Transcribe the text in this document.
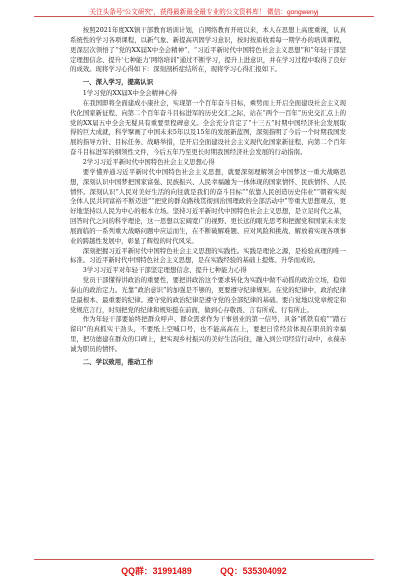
关注头条号“公文研究”，获得最新最全最专业的公文资料库！ 微信：gongwenyj

按照2021年度XX镇干部教育培训计划，自网络教育开班以来，本人在思想上高度重视，认真系统性的学习各项课程，以新气象、新提高巩固学习意识，按时按质收看每一期学办的培训课程，更深层次领悟了“党的XX届X中全会精神”、“习近平新时代中国特色社会主义思想”和“年轻干部坚定理想信念、提升‘七种能力’网络培训”通过不断学习，提升上进意识，并在学习过程中取得了良好的成效。现将学习心得如下：深刻剖析症结所在，现将学习心得汇报如下。

一、深入学习，提高认识

1学习党的XX届X中全会精神心得

在我国即将全面建成小康社会，实现第一个百年奋斗目标，乘势而上开启全面建设社会主义现代化国家新征程、向第二个百年奋斗目标进军的历史交汇之际，站在“两个一百年”历史交汇点上的党的XX届五中全会无疑具有重要里程碑意义。全会充分肯定了“十三五”时期中国经济社会发展取得的巨大成就，科学擘画了中国未来5年以及15年的发展新蓝图，深刻指明了今后一个时期我国发展的指导方针、目标任务、战略举措，是开启全面建设社会主义现代化国家新征程、向第二个百年奋斗目标进军的纲领性文件，今后五年乃至更长时期我国经济社会发展的行动指南。

2学习习近平新时代中国特色社会主义思想心得

要学懂弄通习近平新时代中国特色社会主义思想，就要深刻理解领会中国梦这一重大战略思想，深刻认识中国梦把国家富强、民族振兴、人民幸福融为一体体现的国家情怀、民族情怀、人民情怀。深刻认识“人民对美好生活的向往就是我们的奋斗目标”“依靠人民创造历史伟业”“朝着实现全体人民共同富裕不断迈进”“把党的群众路线贯彻到治国理政的全部活动中”等重大思想观点，更好地坚持以人民为中心的根本立场。坚持习近平新时代中国特色社会主义思想，是立足时代之基，回答时代之问的科学理论，这一思想以宏阔宽广的视野、更长远的眼光思考和把握党和国家未来发展面临的一系列重大战略问题中应运而生，在不断破解难题、应对风险和挑战、解放着实现各项事业的跨越性发展中，彰显了辉煌的时代风采。

深刻把握习近平新时代中国特色社会主义思想的实践性。实践是理论之源，是检验真理的唯一标准。习近平新时代中国特色社会主义思想，是在实践经验的基础上提炼、升华而成的。

3学习习近平对年轻干部坚定理想信念、提升七种能力心得

党员干部懂得讲政治的重要性，要把讲政治这个要求转化为实践中做不动摇的政治立场，稳如泰山的政治定力。光靠“政治意识”的加强是不够的，更要遵守纪律规矩。在党的纪律中，政治纪律是最根本、最重要的纪律。遵守党的政治纪律是遵守党的全部纪律的基础。要自觉地以党章规定和党规范言行，时刻把党的纪律和规矩挺在前面，做到心存敬畏、言有所戒、行有所止。

作为年轻干部要始终把群众呼声、群众需求作为干事创业的第一信号，具备“抓铁有痕”“踏石留印”的真抓实干劲头，不要纸上空喊口号，也不能高高在上，要把日常经营体现在职员的幸福里，把功德建在群众的口碑上，把实现乡村振兴的美好生活向往，融入到公司经营行动中，永葆赤诚为职员的情怀。

二、学以致用，推动工作

QQ群：31991489 QQ：535304092
